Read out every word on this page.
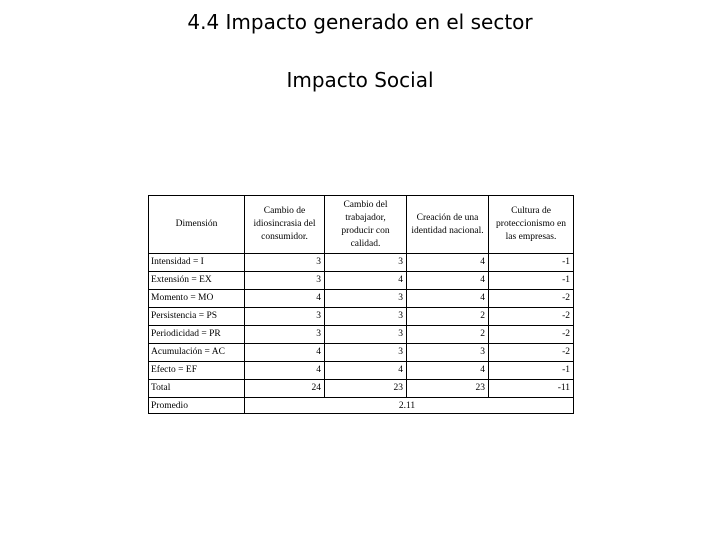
4.4 Impacto generado en el sector
Impacto Social
Dimensión	Cambio de idiosincrasia del consumidor.	Cambio del trabajador, producir con calidad.	Creación de una identidad nacional.	Cultura de proteccionismo en las empresas.
Intensidad = I	3	3	4	-1
Extensión = EX	3	4	4	-1
Momento = MO	4	3	4	-2
Persistencia = PS	3	3	2	-2
Periodicidad = PR	3	3	2	-2
Acumulación = AC	4	3	3	-2
Efecto = EF	4	4	4	-1
Total	24	23	23	-11
Promedio	2.11			
